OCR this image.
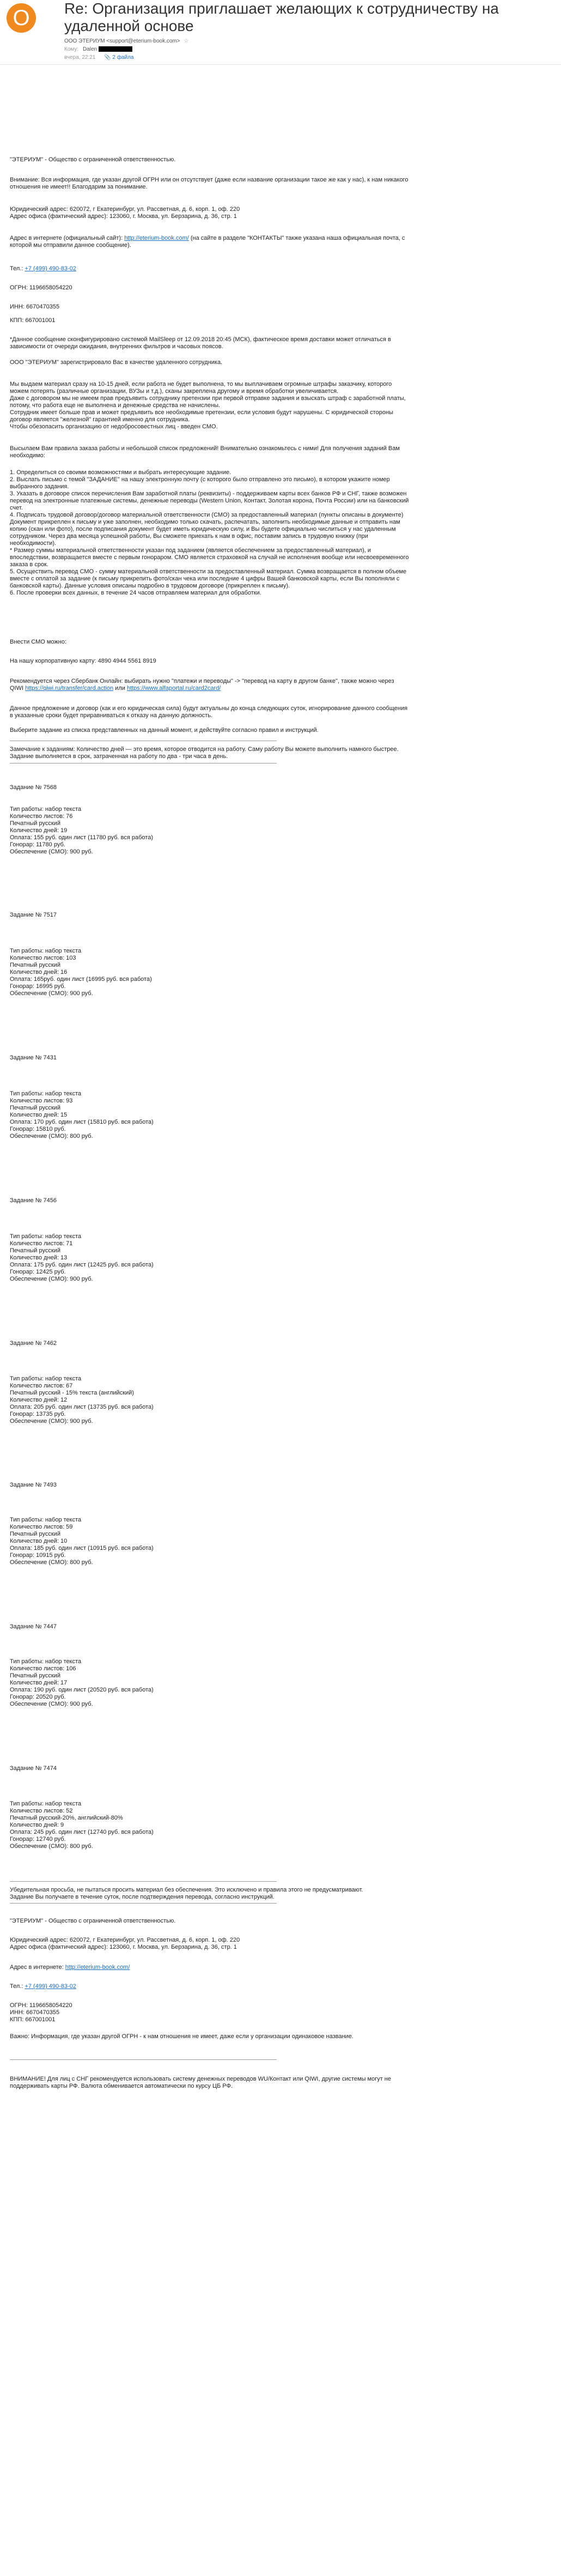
О	Re: Организация приглашает желающих к сотрудничеству на удаленной основе
ООО ЭТЕРИУМ <support@eterium-book.com> ☆
Кому: Dalen
вчера, 22:21 📎 2 файла
"ЭТЕРИУМ" - Общество с ограниченной ответственностью.
Внимание: Вся информация, где указан другой ОГРН или он отсутствует (даже если название организации такое же как у нас), к нам никакого
отношения не имеет!! Благодарим за понимание.
Юридический адрес: 620072, г Екатеринбург, ул. Рассветная, д. 6, корп. 1, оф. 220
Адрес офиса (фактический адрес): 123060, г. Москва, ул. Берзарина, д. 36, стр. 1
Адрес в интернете (официальный сайт): http://eterium-book.com/ (на сайте в разделе "КОНТАКТЫ" также указана наша официальная почта, с
которой мы отправили данное сообщение).
Тел.: +7 (499) 490-83-02
ОГРН: 1196658054220
ИНН: 6670470355
КПП: 667001001
*Данное сообщение сконфигурировано системой MailSleep от 12.09.2018 20:45 (МСК), фактическое время доставки может отличаться в
зависимости от очереди ожидания, внутренних фильтров и часовых поясов.
ООО "ЭТЕРИУМ" зарегистрировало Вас в качестве удаленного сотрудника.
Мы выдаем материал сразу на 10-15 дней, если работа не будет выполнена, то мы выплачиваем огромные штрафы заказчику, которого
можем потерять (различные организации, ВУЗы и т.д.), сканы закреплена другому и время обработки увеличивается.
Даже с договором мы не имеем прав предъявить сотруднику претензии при первой отправке задания и взыскать штраф с заработной платы,
потому, что работа еще не выполнена и денежные средства не начислены.
Сотрудник имеет больше прав и может предъявить все необходимые претензии, если условия будут нарушены. С юридической стороны
договор является "железной" гарантией именно для сотрудника.
Чтобы обезопасить организацию от недобросовестных лиц - введен СМО.
Высылаем Вам правила заказа работы и небольшой список предложений! Внимательно ознакомьтесь с ними! Для получения заданий Вам
необходимо:
1. Определиться со своими возможностями и выбрать интересующие задание.
2. Выслать письмо с темой "ЗАДАНИЕ" на нашу электронную почту (с которого было отправлено это письмо), в котором укажите номер
выбранного задания.
3. Указать в договоре список перечисления Вам заработной платы (реквизиты) - поддерживаем карты всех банков РФ и СНГ, также возможен
перевод на электронные платежные системы, денежные переводы (Western Union, Контакт, Золотая корона, Почта России) или на банковский
счет.
4. Подписать трудовой договор/договор материальной ответственности (СМО) за предоставленный материал (пункты описаны в документе)
Документ прикреплен к письму и уже заполнен, необходимо только скачать, распечатать, заполнить необходимые данные и отправить нам
копию (скан или фото), после подписания документ будет иметь юридическую силу, и Вы будете официально числиться у нас удаленным
сотрудником. Через два месяца успешной работы, Вы сможете приехать к нам в офис, поставим запись в трудовую книжку (при
необходимости).
* Размер суммы материальной ответственности указан под заданием (является обеспечением за предоставленный материал), и
впоследствии, возвращается вместе с первым гонораром. СМО является страховкой на случай не исполнения вообще или несвоевременного
заказа в срок.
5. Осуществить перевод СМО - сумму материальной ответственности за предоставленный материал. Сумма возвращается в полном объеме
вместе с оплатой за задание (к письму прикрепить фото/скан чека или последние 4 цифры Вашей банковской карты, если Вы пополняли с
банковской карты). Данные условия описаны подробно в трудовом договоре (прикреплен к письму).
6. После проверки всех данных, в течение 24 часов отправляем материал для обработки.
Внести СМО можно:
На нашу корпоративную карту: 4890 4944 5561 8919
Рекомендуется через Сбербанк Онлайн: выбирать нужно "платежи и переводы" -> "перевод на карту в другом банке", также можно через
QIWI https://qiwi.ru/transfer/card.action или https://www.alfaportal.ru/card2card/
Данное предложение и договор (как и его юридическая сила) будут актуальны до конца следующих суток, игнорирование данного сообщения
в указанные сроки будет приравниваться к отказу на данную должность.
Выберите задание из списка представленных на данный момент, и действуйте согласно правил и инструкций.
Замечание к заданиям: Количество дней — это время, которое отводится на работу. Саму работу Вы можете выполнить намного быстрее.
Задание выполняется в срок, затраченная на работу по два - три часа в день.
Задание № 7568
Тип работы: набор текста
Количество листов: 76
Печатный русский
Количество дней: 19
Оплата: 155 руб. один лист (11780 руб. вся работа)
Гонорар: 11780 руб.
Обеспечение (СМО): 900 руб.
Задание № 7517
Тип работы: набор текста
Количество листов: 103
Печатный русский
Количество дней: 16
Оплата: 165руб. один лист (16995 руб. вся работа)
Гонорар: 16995 руб.
Обеспечение (СМО): 900 руб.
Задание № 7431
Тип работы: набор текста
Количество листов: 93
Печатный русский
Количество дней: 15
Оплата: 170 руб. один лист (15810 руб. вся работа)
Гонорар: 15810 руб.
Обеспечение (СМО): 800 руб.
Задание № 7456
Тип работы: набор текста
Количество листов: 71
Печатный русский
Количество дней: 13
Оплата: 175 руб. один лист (12425 руб. вся работа)
Гонорар: 12425 руб.
Обеспечение (СМО): 900 руб.
Задание № 7462
Тип работы: набор текста
Количество листов: 67
Печатный русский - 15% текста (английский)
Количество дней: 12
Оплата: 205 руб. один лист (13735 руб. вся работа)
Гонорар: 13735 руб.
Обеспечение (СМО): 900 руб.
Задание № 7493
Тип работы: набор текста
Количество листов: 59
Печатный русский
Количество дней: 10
Оплата: 185 руб. один лист (10915 руб. вся работа)
Гонорар: 10915 руб.
Обеспечение (СМО): 800 руб.
Задание № 7447
Тип работы: набор текста
Количество листов: 106
Печатный русский
Количество дней: 17
Оплата: 190 руб. один лист (20520 руб. вся работа)
Гонорар: 20520 руб.
Обеспечение (СМО): 900 руб.
Задание № 7474
Тип работы: набор текста
Количество листов: 52
Печатный русский-20%, английский-80%
Количество дней: 9
Оплата: 245 руб. один лист (12740 руб. вся работа)
Гонорар: 12740 руб.
Обеспечение (СМО): 800 руб.
Убедительная просьба, не пытаться просить материал без обеспечения. Это исключено и правила этого не предусматривают.
Задание Вы получаете в течение суток, после подтверждения перевода, согласно инструкций.
"ЭТЕРИУМ" - Общество с ограниченной ответственностью.
Юридический адрес: 620072, г Екатеринбург, ул. Рассветная, д. 6, корп. 1, оф. 220
Адрес офиса (фактический адрес): 123060, г. Москва, ул. Берзарина, д. 36, стр. 1
Адрес в интернете: http://eterium-book.com/
Тел.: +7 (499) 490-83-02
ОГРН: 1196658054220
ИНН: 6670470355
КПП: 667001001
Важно: Информация, где указан другой ОГРН - к нам отношения не имеет, даже если у организации одинаковое название.
ВНИМАНИЕ! Для лиц с СНГ рекомендуется использовать систему денежных переводов WU/Контакт или QIWI, другие системы могут не
поддерживать карты РФ. Валюта обменивается автоматически по курсу ЦБ РФ.
